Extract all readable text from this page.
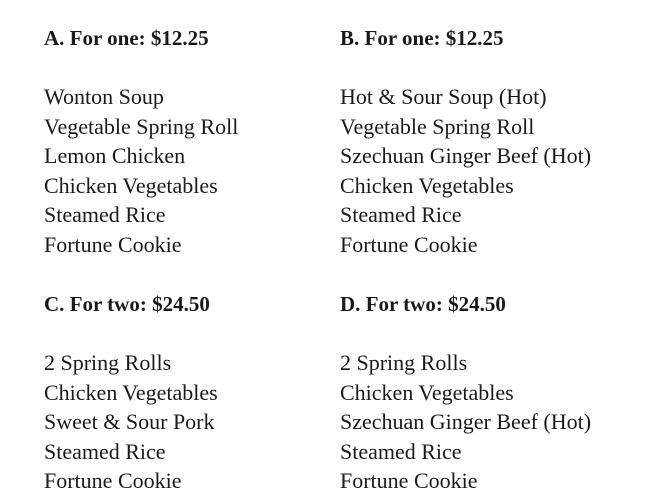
A. For one: $12.25
Wonton Soup
Vegetable Spring Roll
Lemon Chicken
Chicken Vegetables
Steamed Rice
Fortune Cookie
B. For one: $12.25
Hot & Sour Soup (Hot)
Vegetable Spring Roll
Szechuan Ginger Beef (Hot)
Chicken Vegetables
Steamed Rice
Fortune Cookie
C. For two: $24.50
2 Spring Rolls
Chicken Vegetables
Sweet & Sour Pork
Steamed Rice
Fortune Cookie
D. For two: $24.50
2 Spring Rolls
Chicken Vegetables
Szechuan Ginger Beef (Hot)
Steamed Rice
Fortune Cookie
